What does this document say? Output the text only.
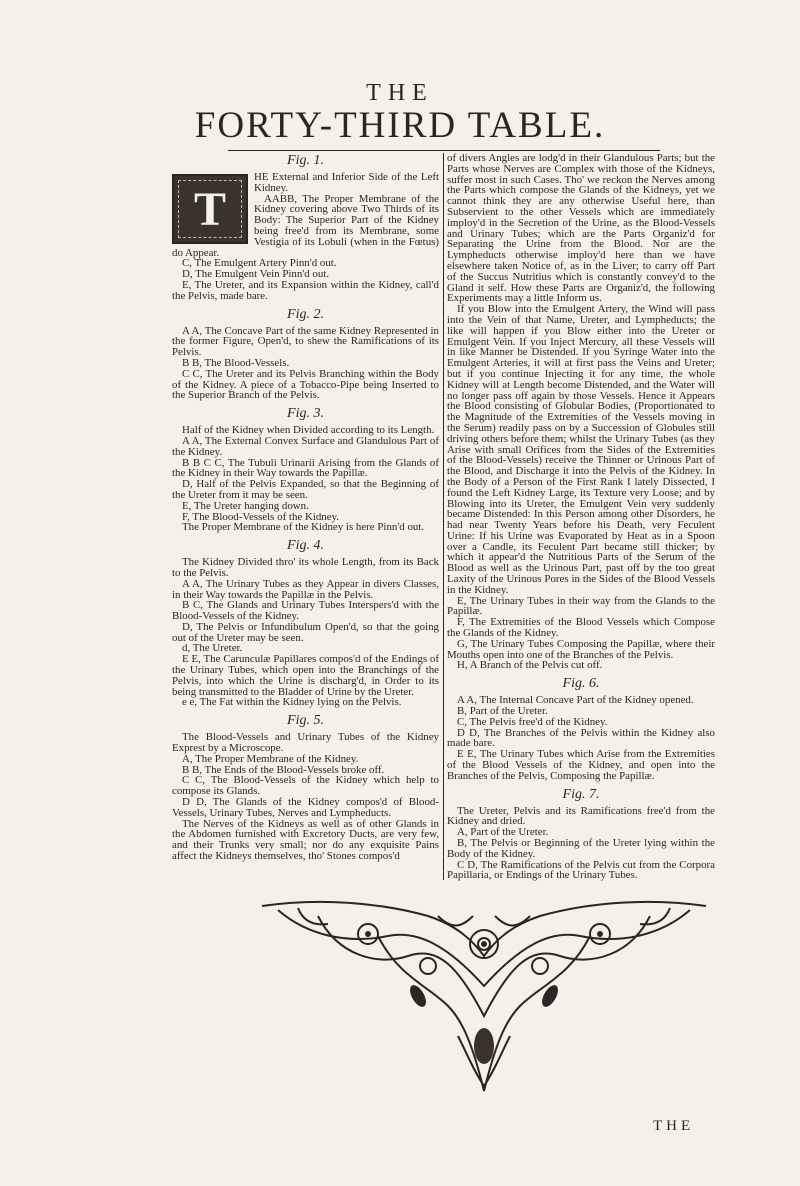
THE
FORTY-THIRD TABLE.
Fig. 1.
T

HE External and Inferior Side of the Left Kidney.

AABB, The Proper Membrane of the Kidney covering above Two Thirds of its Body: The Superior Part of the Kidney being free'd from its Membrane, some Vestigia of its Lobuli (when in the Fœtus) do Appear.

C, The Emulgent Artery Pinn'd out.

D, The Emulgent Vein Pinn'd out.

E, The Ureter, and its Expansion within the Kidney, call'd the Pelvis, made bare.

Fig. 2.

A A, The Concave Part of the same Kidney Represented in the former Figure, Open'd, to shew the Ramifications of its Pelvis.

B B, The Blood-Vessels.

C C, The Ureter and its Pelvis Branching within the Body of the Kidney. A piece of a Tobacco-Pipe being Inserted to the Superior Branch of the Pelvis.

Fig. 3.

Half of the Kidney when Divided according to its Length.

A A, The External Convex Surface and Glandulous Part of the Kidney.

B B C C, The Tubuli Urinarii Arising from the Glands of the Kidney in their Way towards the Papillæ.

D, Half of the Pelvis Expanded, so that the Beginning of the Ureter from it may be seen.

E, The Ureter hanging down.

F, The Blood-Vessels of the Kidney.

The Proper Membrane of the Kidney is here Pinn'd out.

Fig. 4.

The Kidney Divided thro' its whole Length, from its Back to the Pelvis.

A A, The Urinary Tubes as they Appear in divers Classes, in their Way towards the Papillæ in the Pelvis.

B C, The Glands and Urinary Tubes Interspers'd with the Blood-Vessels of the Kidney.

D, The Pelvis or Infundibulum Open'd, so that the going out of the Ureter may be seen.

d, The Ureter.

E E, The Carunculæ Papillares compos'd of the Endings of the Urinary Tubes, which open into the Branchings of the Pelvis, into which the Urine is discharg'd, in Order to its being transmitted to the Bladder of Urine by the Ureter.

e e, The Fat within the Kidney lying on the Pelvis.

Fig. 5.

The Blood-Vessels and Urinary Tubes of the Kidney Exprest by a Microscope.

A, The Proper Membrane of the Kidney.

B B, The Ends of the Blood-Vessels broke off.

C C, The Blood-Vessels of the Kidney which help to compose its Glands.

D D, The Glands of the Kidney compos'd of Blood-Vessels, Urinary Tubes, Nerves and Lympheducts.

The Nerves of the Kidneys as well as of other Glands in the Abdomen furnished with Excretory Ducts, are very few, and their Trunks very small; nor do any exquisite Pains affect the Kidneys themselves, tho' Stones compos'd

of divers Angles are lodg'd in their Glandulous Parts; but the Parts whose Nerves are Complex with those of the Kidneys, suffer most in such Cases. Tho' we reckon the Nerves among the Parts which compose the Glands of the Kidneys, yet we cannot think they are any otherwise Useful here, than Subservient to the other Vessels which are immediately imploy'd in the Secretion of the Urine, as the Blood-Vessels and Urinary Tubes; which are the Parts Organiz'd for Separating the Urine from the Blood. Nor are the Lympheducts otherwise imploy'd here than we have elsewhere taken Notice of, as in the Liver; to carry off Part of the Succus Nutritius which is constantly convey'd to the Gland it self. How these Parts are Organiz'd, the following Experiments may a little Inform us.

If you Blow into the Emulgent Artery, the Wind will pass into the Vein of that Name, Ureter, and Lympheducts; the like will happen if you Blow either into the Ureter or Emulgent Vein. If you Inject Mercury, all these Vessels will in like Manner be Distended. If you Syringe Water into the Emulgent Arteries, it will at first pass the Veins and Ureter; but if you continue Injecting it for any time, the whole Kidney will at Length become Distended, and the Water will no longer pass off again by those Vessels. Hence it Appears the Blood consisting of Globular Bodies, (Proportionated to the Magnitude of the Extremities of the Vessels moving in the Serum) readily pass on by a Succession of Globules still driving others before them; whilst the Urinary Tubes (as they Arise with small Orifices from the Sides of the Extremities of the Blood-Vessels) receive the Thinner or Urinous Part of the Blood, and Discharge it into the Pelvis of the Kidney. In the Body of a Person of the First Rank I lately Dissected, I found the Left Kidney Large, its Texture very Loose; and by Blowing into its Ureter, the Emulgent Vein very suddenly became Distended: In this Person among other Disorders, he had near Twenty Years before his Death, very Feculent Urine: If his Urine was Evaporated by Heat as in a Spoon over a Candle, its Feculent Part became still thicker; by which it appear'd the Nutritious Parts of the Serum of the Blood as well as the Urinous Part, past off by the too great Laxity of the Urinous Pores in the Sides of the Blood Vessels in the Kidney.

E, The Urinary Tubes in their way from the Glands to the Papillæ.

F, The Extremities of the Blood Vessels which Compose the Glands of the Kidney.

G, The Urinary Tubes Composing the Papillæ, where their Mouths open into one of the Branches of the Pelvis.

H, A Branch of the Pelvis cut off.

Fig. 6.

A A, The Internal Concave Part of the Kidney opened.

B, Part of the Ureter.

C, The Pelvis free'd of the Kidney.

D D, The Branches of the Pelvis within the Kidney also made bare.

E E, The Urinary Tubes which Arise from the Extremities of the Blood Vessels of the Kidney, and open into the Branches of the Pelvis, Composing the Papillæ.

Fig. 7.

The Ureter, Pelvis and its Ramifications free'd from the Kidney and dried.

A, Part of the Ureter.

B, The Pelvis or Beginning of the Ureter lying within the Body of the Kidney.

C D, The Ramifications of the Pelvis cut from the Corpora Papillaria, or Endings of the Urinary Tubes.

THE
